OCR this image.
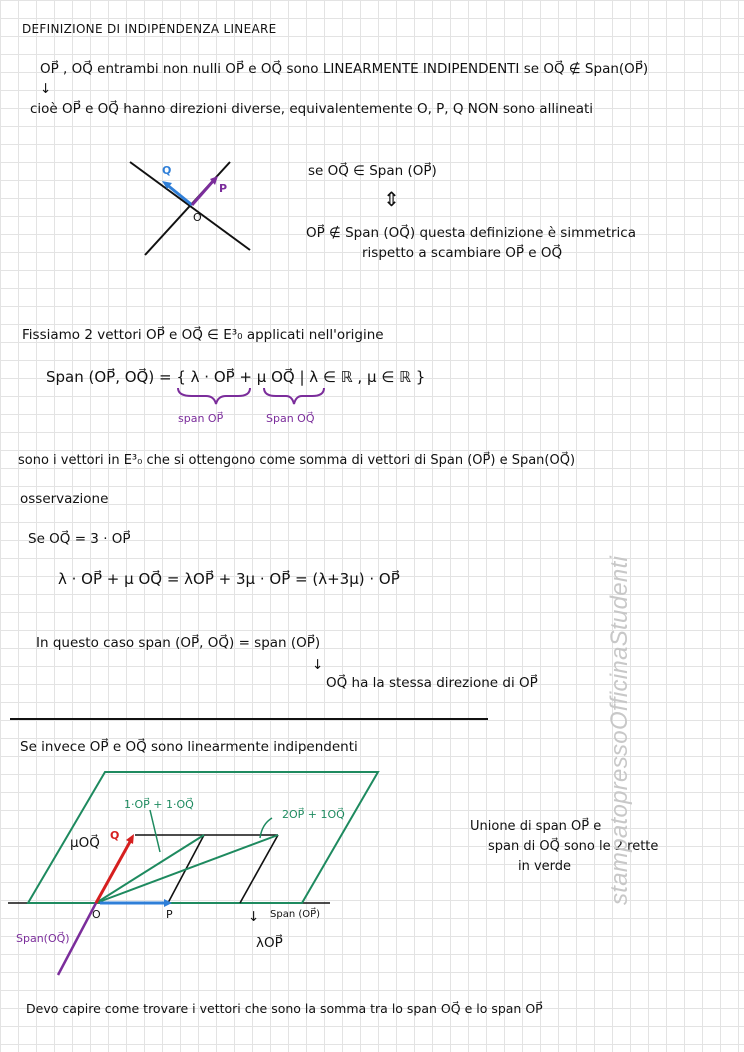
DEFINIZIONE DI INDIPENDENZA LINEARE
OP⃗ , OQ⃗ entrambi non nulli OP⃗ e OQ⃗ sono LINEARMENTE INDIPENDENTI se OQ⃗ ∉ Span(OP⃗)
↓
cioè OP⃗ e OQ⃗ hanno direzioni diverse, equivalentemente O, P, Q NON sono allineati
Q
P
O
se OQ⃗ ∈ Span (OP⃗)
⇕
OP⃗ ∉ Span (OQ⃗) questa definizione è simmetrica
rispetto a scambiare OP⃗ e OQ⃗
Fissiamo 2 vettori OP⃗ e OQ⃗ ∈ E³₀ applicati nell'origine
Span (OP⃗, OQ⃗) = { λ · OP⃗ + μ OQ⃗ | λ ∈ ℝ , μ ∈ ℝ }
span OP⃗	Span OQ⃗
sono i vettori in E³₀ che si ottengono come somma di vettori di Span (OP⃗) e Span(OQ⃗)
osservazione
Se OQ⃗ = 3 · OP⃗
λ · OP⃗ + μ OQ⃗ = λOP⃗ + 3μ · OP⃗ = (λ+3μ) · OP⃗
In questo caso span (OP⃗, OQ⃗) = span (OP⃗)
↓
OQ⃗ ha la stessa direzione di OP⃗
Se invece OP⃗ e OQ⃗ sono linearmente indipendenti
1·OP⃗ + 1·OQ⃗
2OP⃗ + 1OQ⃗
μOQ⃗ Q
O	P
Span(OQ⃗)
Span (OP⃗)
↓
λOP⃗
Unione di span OP⃗ e
span di OQ⃗ sono le 2 rette
in verde
Devo capire come trovare i vettori che sono la somma tra lo span OQ⃗ e lo span OP⃗
stampatopressoOfficinaStudenti
